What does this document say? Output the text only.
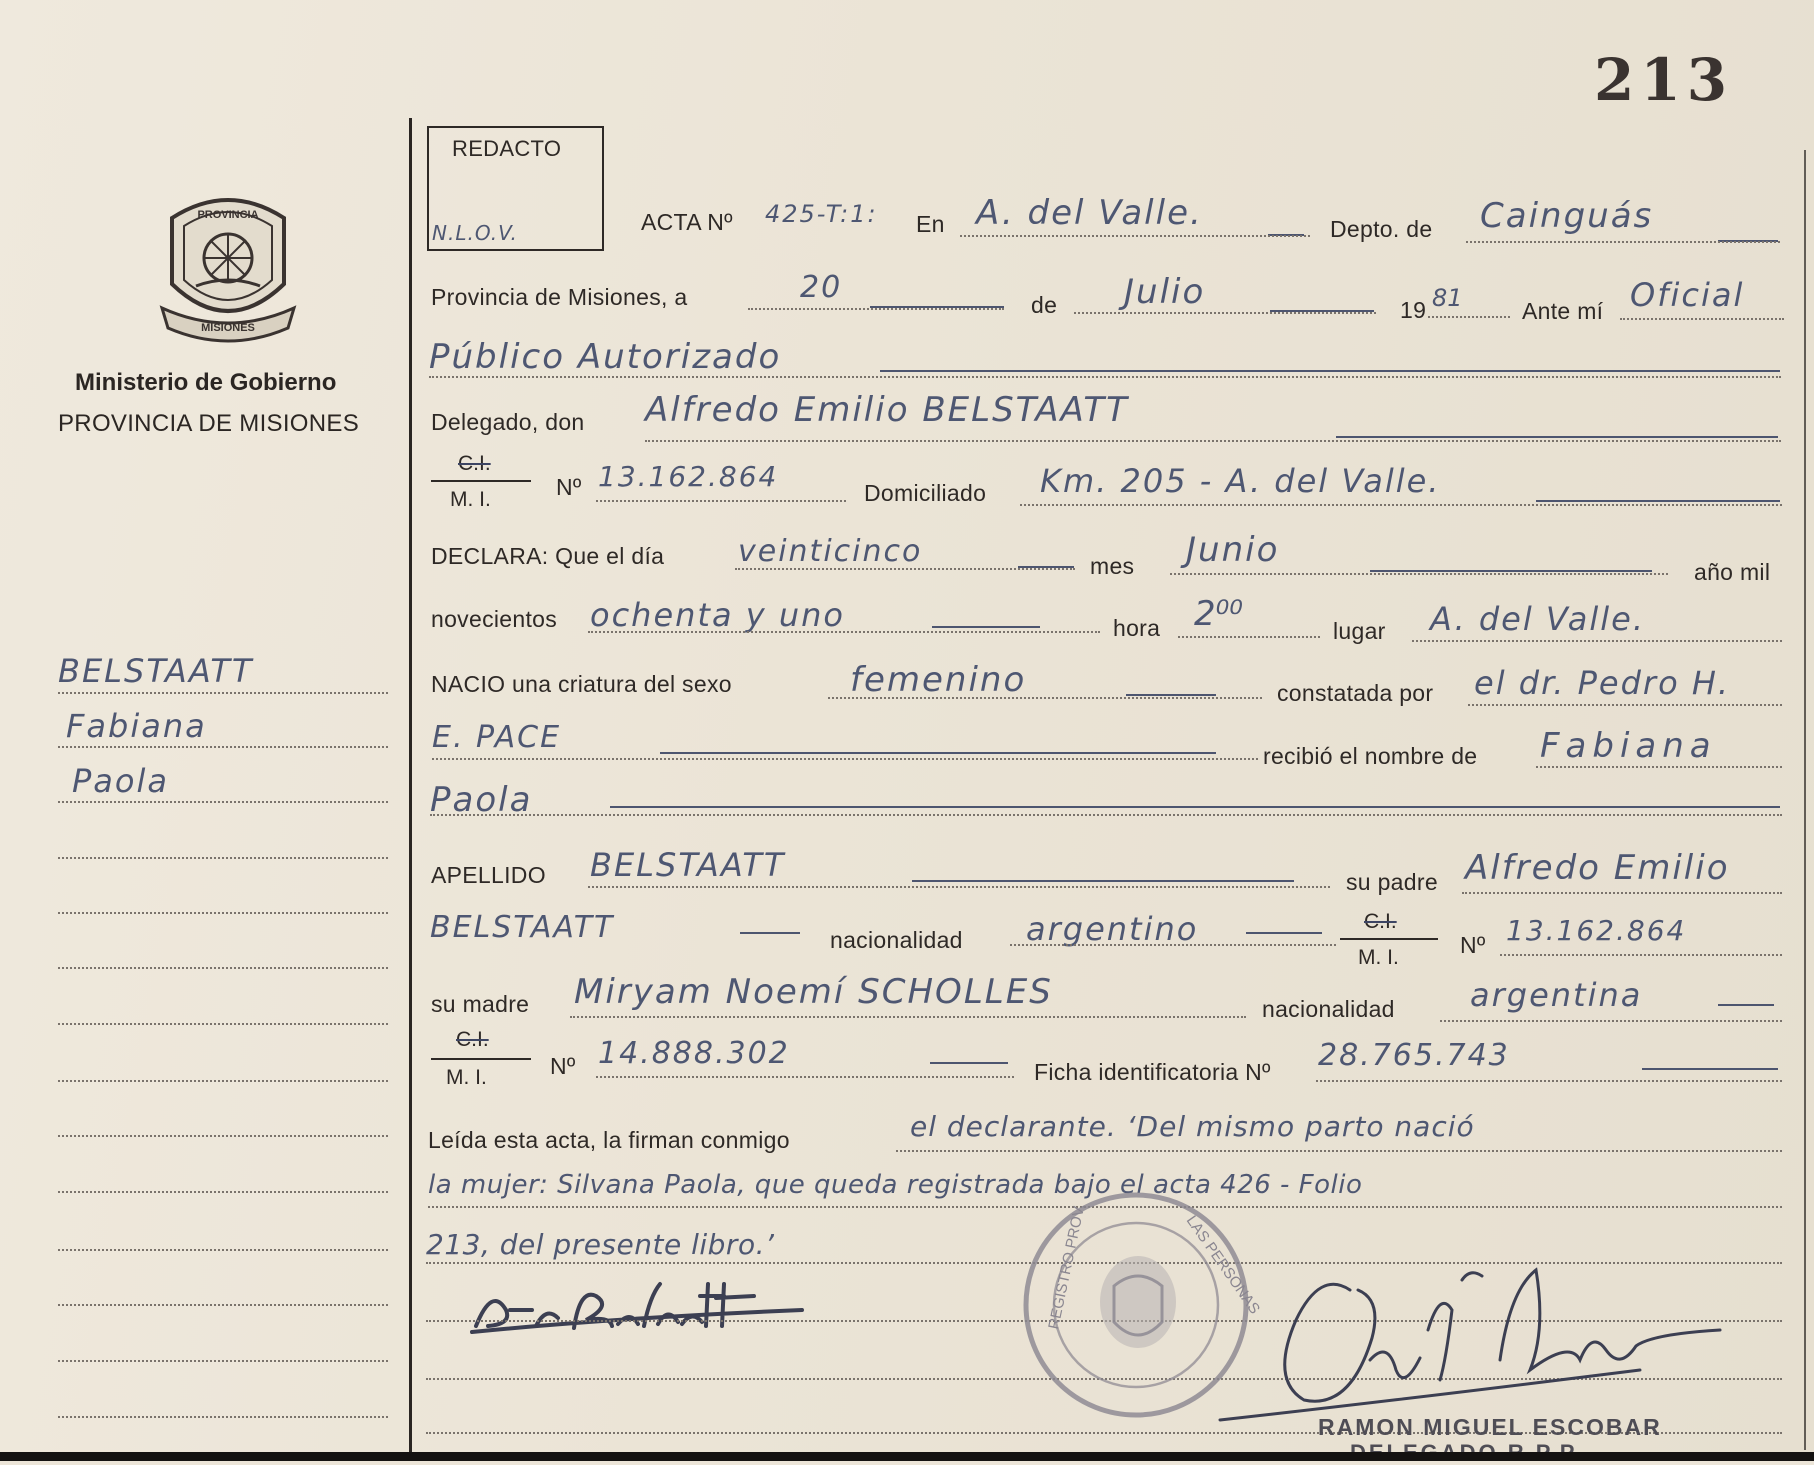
213
PROVINCIA
MISIONES
Ministerio de Gobierno
PROVINCIA DE MISIONES
BELSTAATT
Fabiana
Paola
REDACTO
N.L.O.V.	ACTA Nº 425-T:1: En A. del Valle.	Depto. de Cainguás
Provincia de Misiones, a	20	de Julio	19 81	Ante mí Oficial
Público Autorizado
Delegado, don Alfredo Emilio BELSTAATT
C.I.
M. I.	Nº 13.162.864	Domiciliado Km. 205 - A. del Valle.
DECLARA: Que el día veinticinco	mes Junio
año mil
novecientos ochenta y uno	hora 2⁰⁰	lugar A. del Valle.
NACIO una criatura del sexo	femenino	constatada por el dr. Pedro H.
E. PACE
recibió el nombre de Fabiana
Paola
APELLIDO BELSTAATT	su padre Alfredo Emilio
BELSTAATT	nacionalidad argentino	C.I.
M. I.	Nº 13.162.864
su madre Miryam Noemí SCHOLLES	nacionalidad argentina
C.I.
M. I.	Nº 14.888.302
Ficha identificatoria Nº 28.765.743
Leída esta acta, la firman conmigo	el declarante. ‘Del mismo parto nació
la mujer: Silvana Paola, que queda registrada bajo el acta 426 - Folio
213, del presente libro.’	REGISTRO PROV.	LAS PERSONAS
RAMON MIGUEL ESCOBAR
